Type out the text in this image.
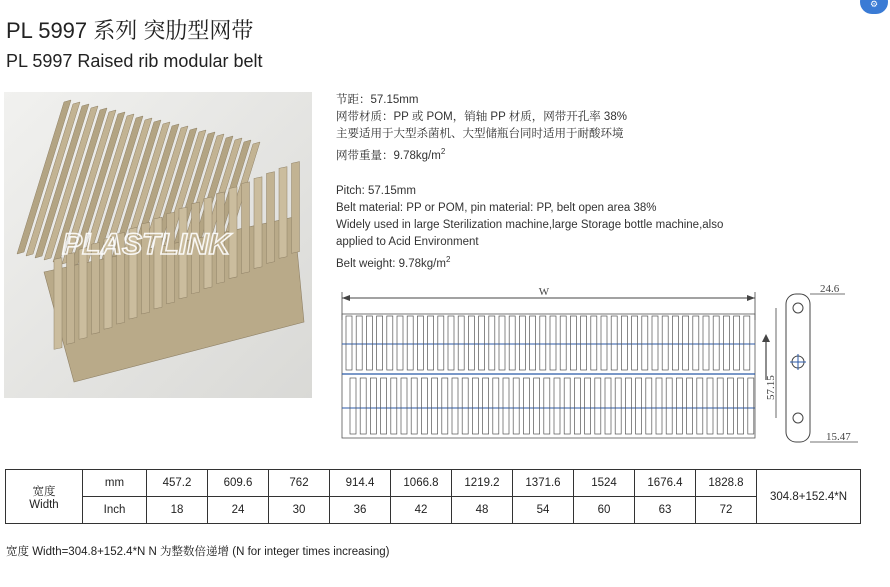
⚙
PL 5997 系列 突肋型网带
PL 5997 Raised rib modular belt
PLASTLINK
节距：57.15mm
网带材质：PP 或 POM，销轴 PP 材质，网带开孔率 38%
主要适用于大型杀菌机、大型储瓶台同时适用于耐酸环境
网带重量：$9.78kg/m^2$
Pitch: 57.15mm
Belt material: PP or POM, pin material: PP, belt open area 38%
Widely used in large Sterilization machine,large Storage bottle machine,also
applied to Acid Environment
Belt weight: $9.78kg/m^2$
W	24.6
57.15
15.47
宽度
Width	mm	457.2	609.6	762	914.4	1066.8	1219.2	1371.6	1524	1676.4	1828.8	304.8+152.4*N
	Inch	18	24	30	36	42	48	54	60	63	72	
宽度 Width=304.8+152.4*N N 为整数倍递增 (N for integer times increasing)
